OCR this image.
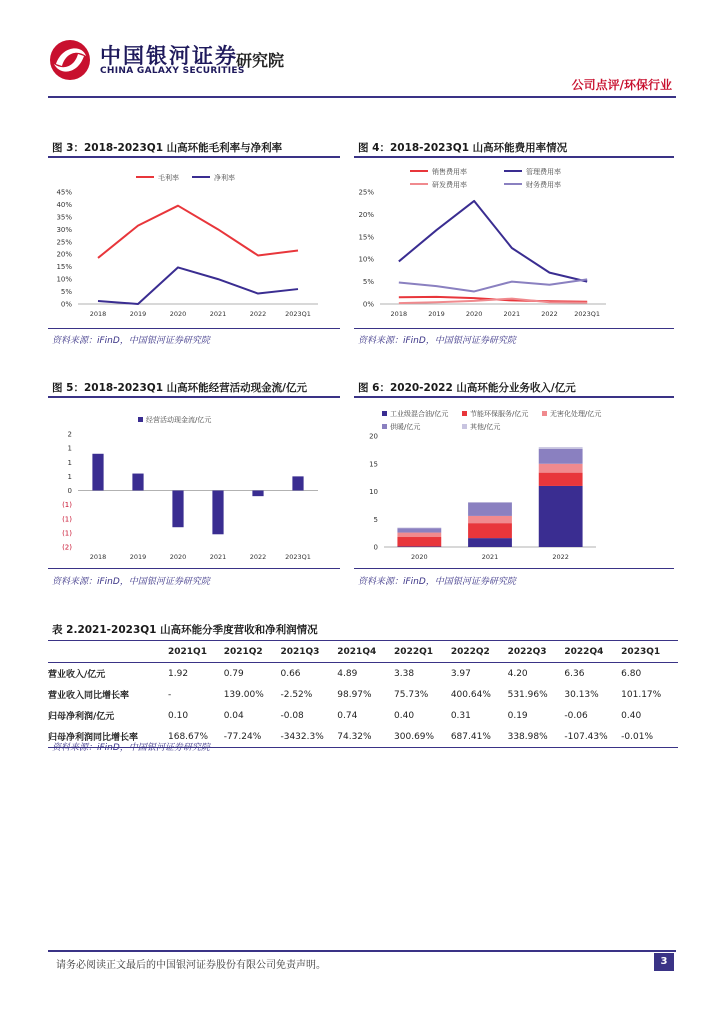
中国银河证券
研究院
CHINA GALAXY SECURITIES
公司点评/环保行业
图 3：2018-2023Q1 山高环能毛利率与净利率
毛利率	净利率
45%
40%
35%
30%
25%
20%
15%
10%
5%
0%
2018	2019	2020	2021	2022	2023Q1
资料来源：iFinD，中国银河证券研究院
图 4：2018-2023Q1 山高环能费用率情况
销售费用率	管理费用率
研发费用率	财务费用率
25%
20%
15%
10%
5%
0%
2018	2019	2020	2021	2022	2023Q1
资料来源：iFinD，中国银河证券研究院
图 5：2018-2023Q1 山高环能经营活动现金流/亿元
经营活动现金流/亿元
2
1
1
1
0
(1)
(1)
(1)
(2)
2018	2019	2020	2021	2022	2023Q1
资料来源：iFinD，中国银河证券研究院
图 6：2020-2022 山高环能分业务收入/亿元
工业级混合油/亿元	节能环保服务/亿元	无害化处理/亿元
供暖/亿元	其他/亿元
20
15
10
5
0
2020	2021	2022
资料来源：iFinD，中国银河证券研究院
表 2.2021-2023Q1 山高环能分季度营收和净利润情况
	2021Q1	2021Q2	2021Q3	2021Q4	2022Q1	2022Q2	2022Q3	2022Q4	2023Q1
营业收入/亿元	1.92	0.79	0.66	4.89	3.38	3.97	4.20	6.36	6.80
营业收入同比增长率	-	139.00%	-2.52%	98.97%	75.73%	400.64%	531.96%	30.13%	101.17%
归母净利润/亿元	0.10	0.04	-0.08	0.74	0.40	0.31	0.19	-0.06	0.40
归母净利润同比增长率	168.67%	-77.24%	-3432.3%	74.32%	300.69%	687.41%	338.98%	-107.43%	-0.01%
资料来源：iFinD，中国银河证券研究院
请务必阅读正文最后的中国银河证券股份有限公司免责声明。	3
